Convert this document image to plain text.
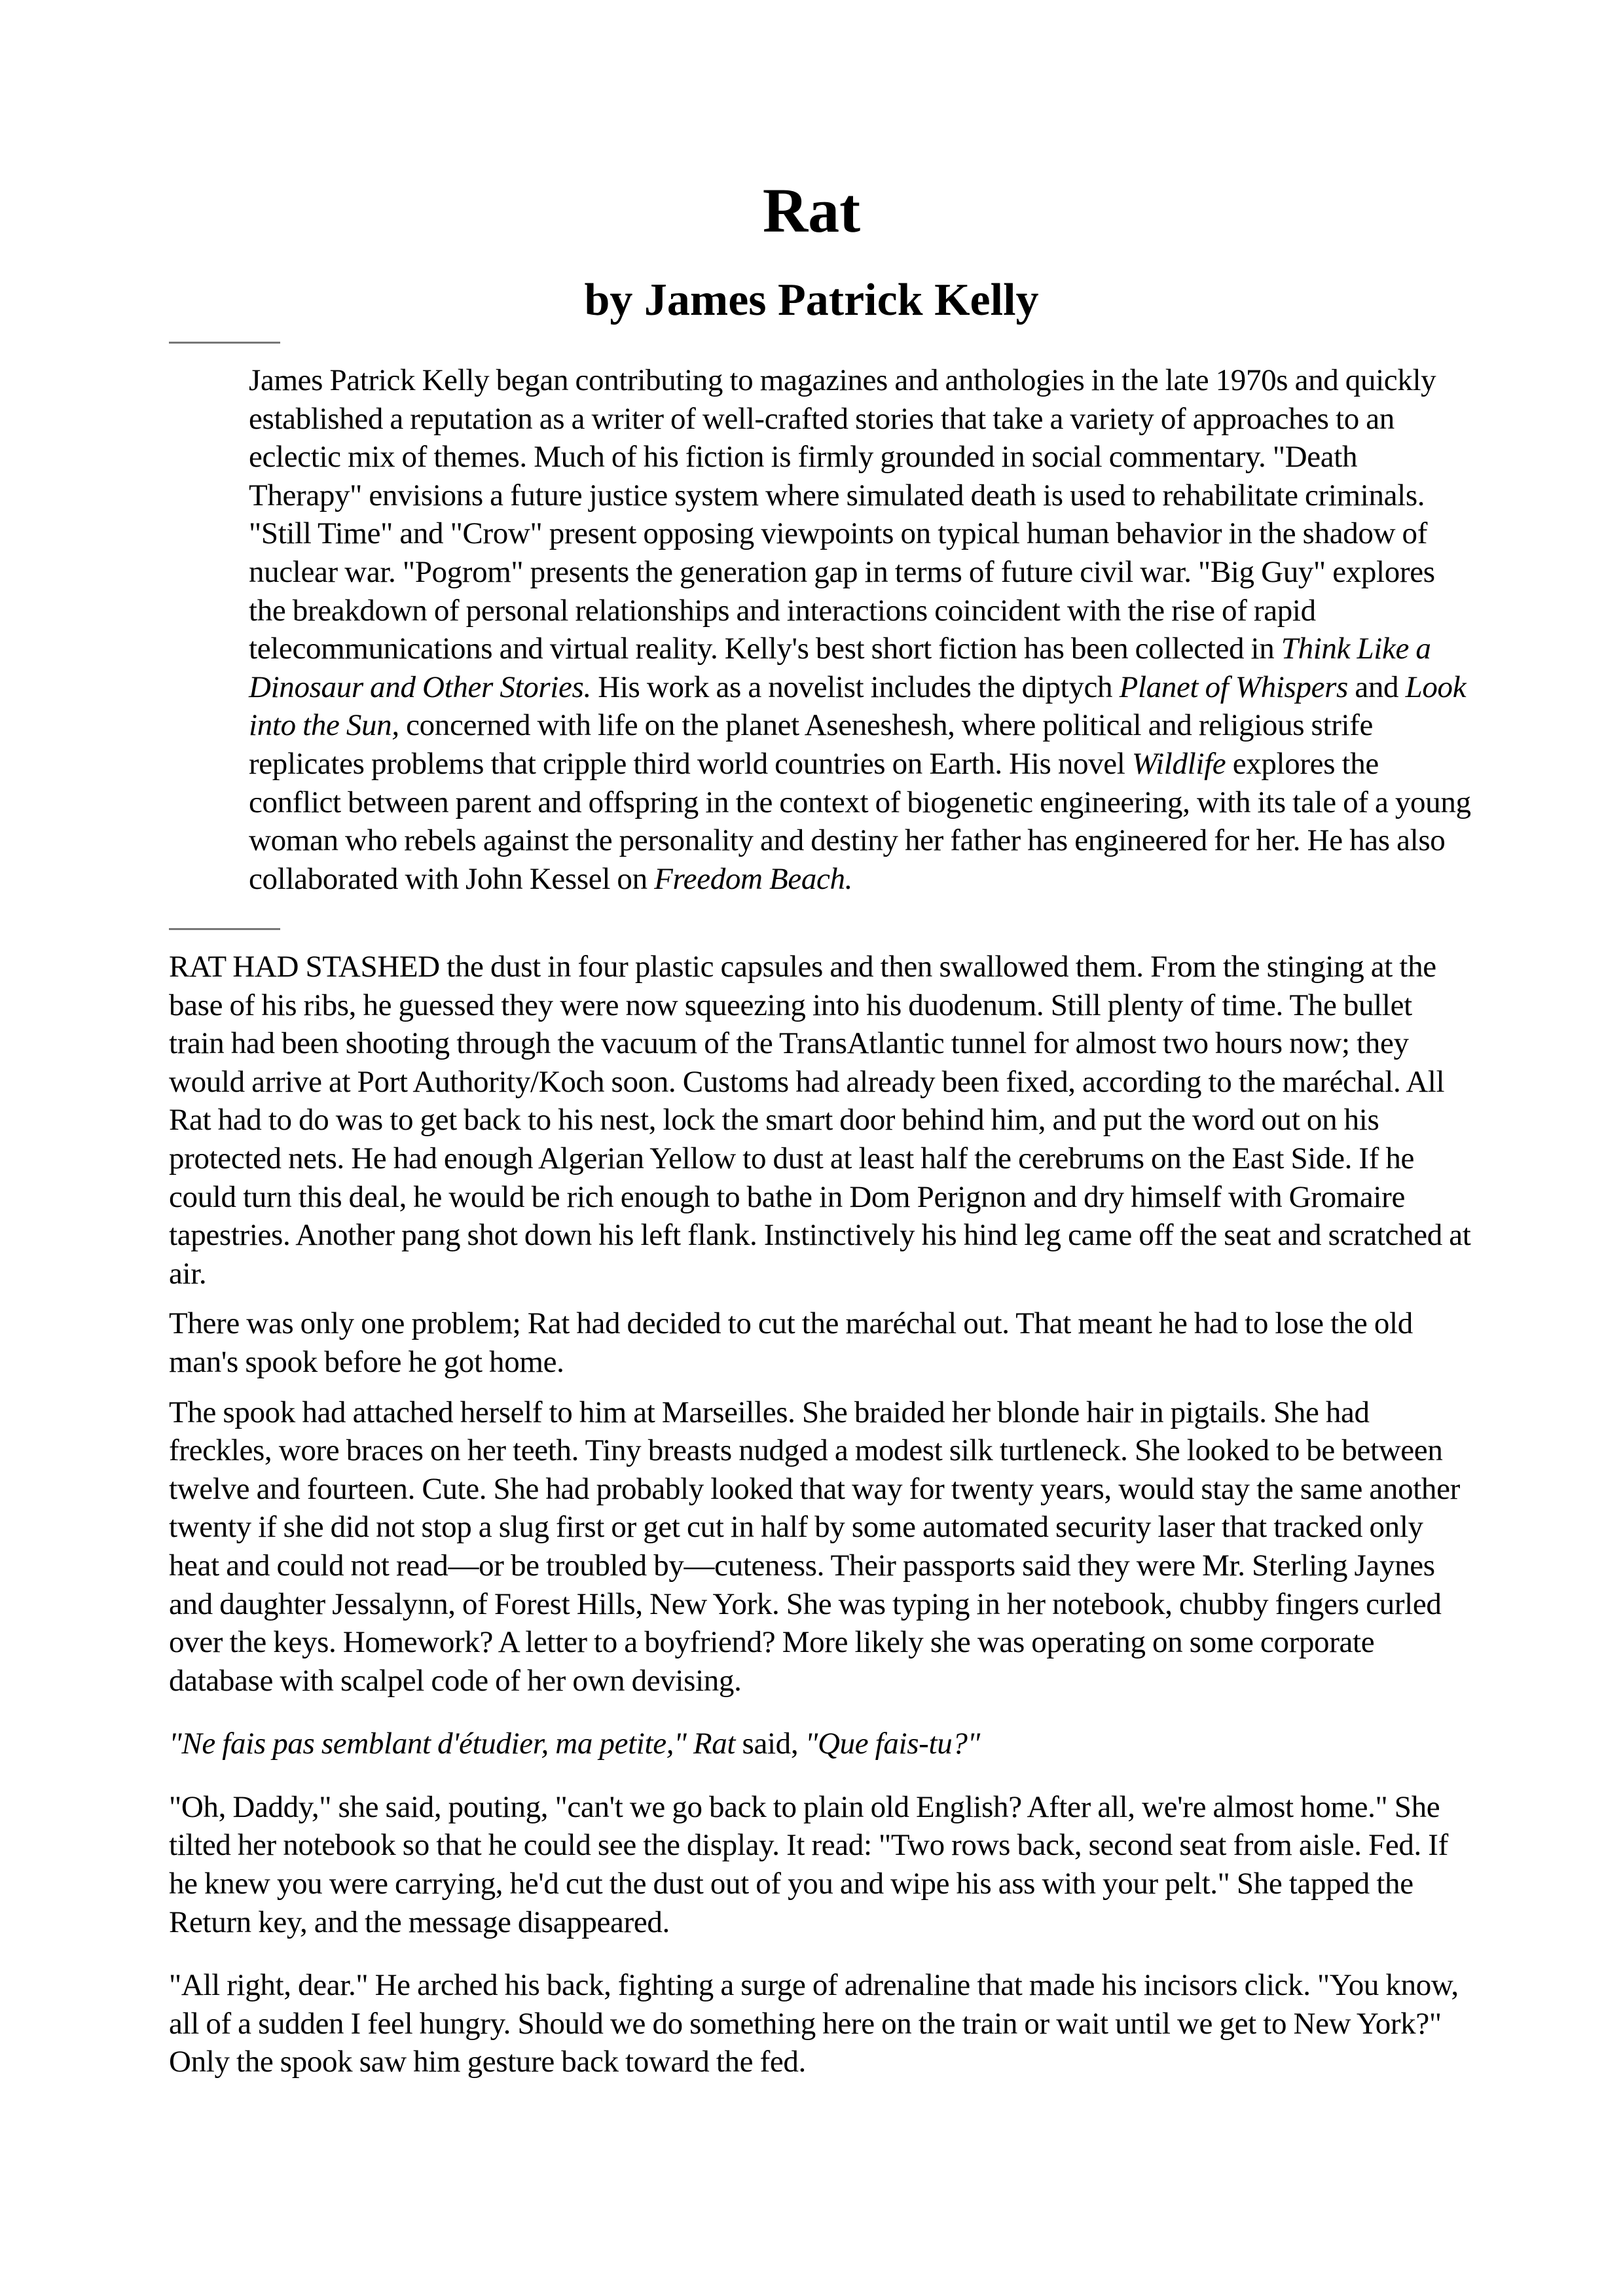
Rat
by James Patrick Kelly

James Patrick Kelly began contributing to magazines and anthologies in the late 1970s and quickly established a reputation as a writer of well-crafted stories that take a variety of approaches to an eclectic mix of themes. Much of his fiction is firmly grounded in social commentary. "Death Therapy" envisions a future justice system where simulated death is used to rehabilitate criminals. "Still Time" and "Crow" present opposing viewpoints on typical human behavior in the shadow of nuclear war. "Pogrom" presents the generation gap in terms of future civil war. "Big Guy" explores the breakdown of personal relationships and interactions coincident with the rise of rapid telecommunications and virtual reality. Kelly's best short fiction has been collected in Think Like a Dinosaur and Other Stories. His work as a novelist includes the diptych Planet of Whispers and Look into the Sun, concerned with life on the planet Aseneshesh, where political and religious strife replicates problems that cripple third world countries on Earth. His novel Wildlife explores the conflict between parent and offspring in the context of biogenetic engineering, with its tale of a young woman who rebels against the personality and destiny her father has engineered for her. He has also collaborated with John Kessel on Freedom Beach.

RAT HAD STASHED the dust in four plastic capsules and then swallowed them. From the stinging at the base of his ribs, he guessed they were now squeezing into his duodenum. Still plenty of time. The bullet train had been shooting through the vacuum of the TransAtlantic tunnel for almost two hours now; they would arrive at Port Authority/Koch soon. Customs had already been fixed, according to the maréchal. All Rat had to do was to get back to his nest, lock the smart door behind him, and put the word out on his protected nets. He had enough Algerian Yellow to dust at least half the cerebrums on the East Side. If he could turn this deal, he would be rich enough to bathe in Dom Perignon and dry himself with Gromaire tapestries. Another pang shot down his left flank. Instinctively his hind leg came off the seat and scratched at air.

There was only one problem; Rat had decided to cut the maréchal out. That meant he had to lose the old man's spook before he got home.

The spook had attached herself to him at Marseilles. She braided her blonde hair in pigtails. She had freckles, wore braces on her teeth. Tiny breasts nudged a modest silk turtleneck. She looked to be between twelve and fourteen. Cute. She had probably looked that way for twenty years, would stay the same another twenty if she did not stop a slug first or get cut in half by some automated security laser that tracked only heat and could not read—or be troubled by—cuteness. Their passports said they were Mr. Sterling Jaynes and daughter Jessalynn, of Forest Hills, New York. She was typing in her notebook, chubby fingers curled over the keys. Homework? A letter to a boyfriend? More likely she was operating on some corporate database with scalpel code of her own devising.

"Ne fais pas semblant d'étudier, ma petite," Rat said, "Que fais-tu?"

"Oh, Daddy," she said, pouting, "can't we go back to plain old English? After all, we're almost home." She tilted her notebook so that he could see the display. It read: "Two rows back, second seat from aisle. Fed. If he knew you were carrying, he'd cut the dust out of you and wipe his ass with your pelt." She tapped the Return key, and the message disappeared.

"All right, dear." He arched his back, fighting a surge of adrenaline that made his incisors click. "You know, all of a sudden I feel hungry. Should we do something here on the train or wait until we get to New York?" Only the spook saw him gesture back toward the fed.
